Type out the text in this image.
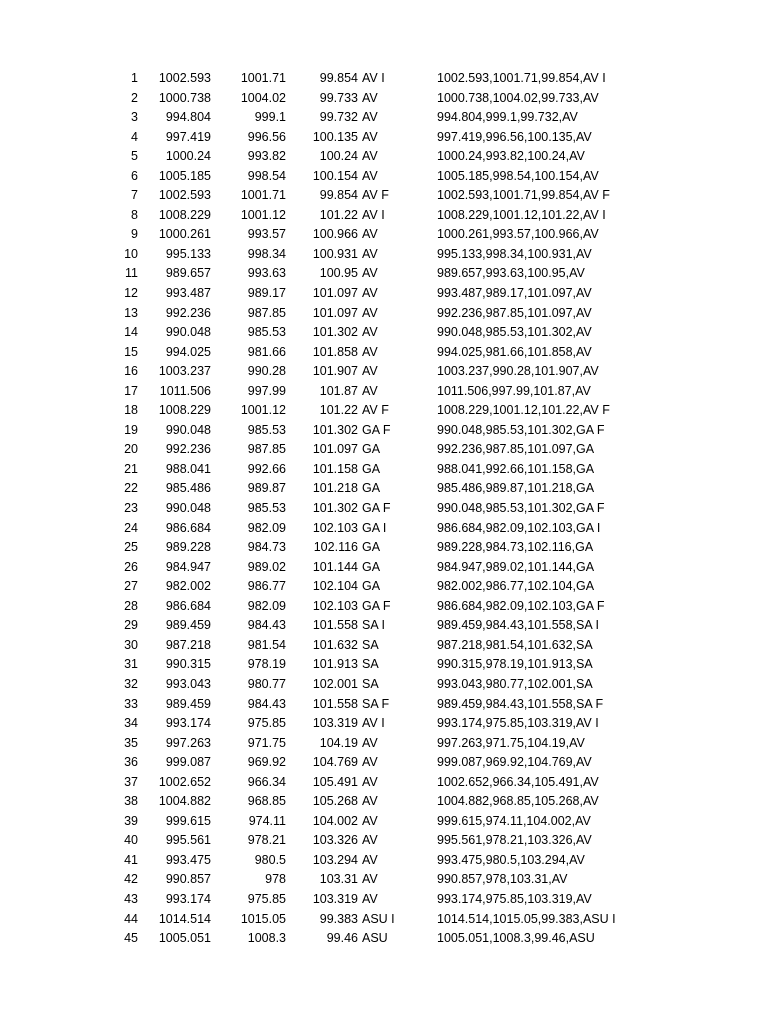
1	1002.593	1001.71	99.854 AV I	1002.593,1001.71,99.854,AV I
2	1000.738	1004.02	99.733 AV	1000.738,1004.02,99.733,AV
3	994.804	999.1	99.732 AV	994.804,999.1,99.732,AV
4	997.419	996.56	100.135 AV	997.419,996.56,100.135,AV
5	1000.24	993.82	100.24 AV	1000.24,993.82,100.24,AV
6	1005.185	998.54	100.154 AV	1005.185,998.54,100.154,AV
7	1002.593	1001.71	99.854 AV F	1002.593,1001.71,99.854,AV F
8	1008.229	1001.12	101.22 AV I	1008.229,1001.12,101.22,AV I
9	1000.261	993.57	100.966 AV	1000.261,993.57,100.966,AV
10	995.133	998.34	100.931 AV	995.133,998.34,100.931,AV
11	989.657	993.63	100.95 AV	989.657,993.63,100.95,AV
12	993.487	989.17	101.097 AV	993.487,989.17,101.097,AV
13	992.236	987.85	101.097 AV	992.236,987.85,101.097,AV
14	990.048	985.53	101.302 AV	990.048,985.53,101.302,AV
15	994.025	981.66	101.858 AV	994.025,981.66,101.858,AV
16	1003.237	990.28	101.907 AV	1003.237,990.28,101.907,AV
17	1011.506	997.99	101.87 AV	1011.506,997.99,101.87,AV
18	1008.229	1001.12	101.22 AV F	1008.229,1001.12,101.22,AV F
19	990.048	985.53	101.302 GA F	990.048,985.53,101.302,GA F
20	992.236	987.85	101.097 GA	992.236,987.85,101.097,GA
21	988.041	992.66	101.158 GA	988.041,992.66,101.158,GA
22	985.486	989.87	101.218 GA	985.486,989.87,101.218,GA
23	990.048	985.53	101.302 GA F	990.048,985.53,101.302,GA F
24	986.684	982.09	102.103 GA I	986.684,982.09,102.103,GA I
25	989.228	984.73	102.116 GA	989.228,984.73,102.116,GA
26	984.947	989.02	101.144 GA	984.947,989.02,101.144,GA
27	982.002	986.77	102.104 GA	982.002,986.77,102.104,GA
28	986.684	982.09	102.103 GA F	986.684,982.09,102.103,GA F
29	989.459	984.43	101.558 SA I	989.459,984.43,101.558,SA I
30	987.218	981.54	101.632 SA	987.218,981.54,101.632,SA
31	990.315	978.19	101.913 SA	990.315,978.19,101.913,SA
32	993.043	980.77	102.001 SA	993.043,980.77,102.001,SA
33	989.459	984.43	101.558 SA F	989.459,984.43,101.558,SA F
34	993.174	975.85	103.319 AV I	993.174,975.85,103.319,AV I
35	997.263	971.75	104.19 AV	997.263,971.75,104.19,AV
36	999.087	969.92	104.769 AV	999.087,969.92,104.769,AV
37	1002.652	966.34	105.491 AV	1002.652,966.34,105.491,AV
38	1004.882	968.85	105.268 AV	1004.882,968.85,105.268,AV
39	999.615	974.11	104.002 AV	999.615,974.11,104.002,AV
40	995.561	978.21	103.326 AV	995.561,978.21,103.326,AV
41	993.475	980.5	103.294 AV	993.475,980.5,103.294,AV
42	990.857	978	103.31 AV	990.857,978,103.31,AV
43	993.174	975.85	103.319 AV	993.174,975.85,103.319,AV
44	1014.514	1015.05	99.383 ASU I	1014.514,1015.05,99.383,ASU I
45	1005.051	1008.3	99.46 ASU	1005.051,1008.3,99.46,ASU
